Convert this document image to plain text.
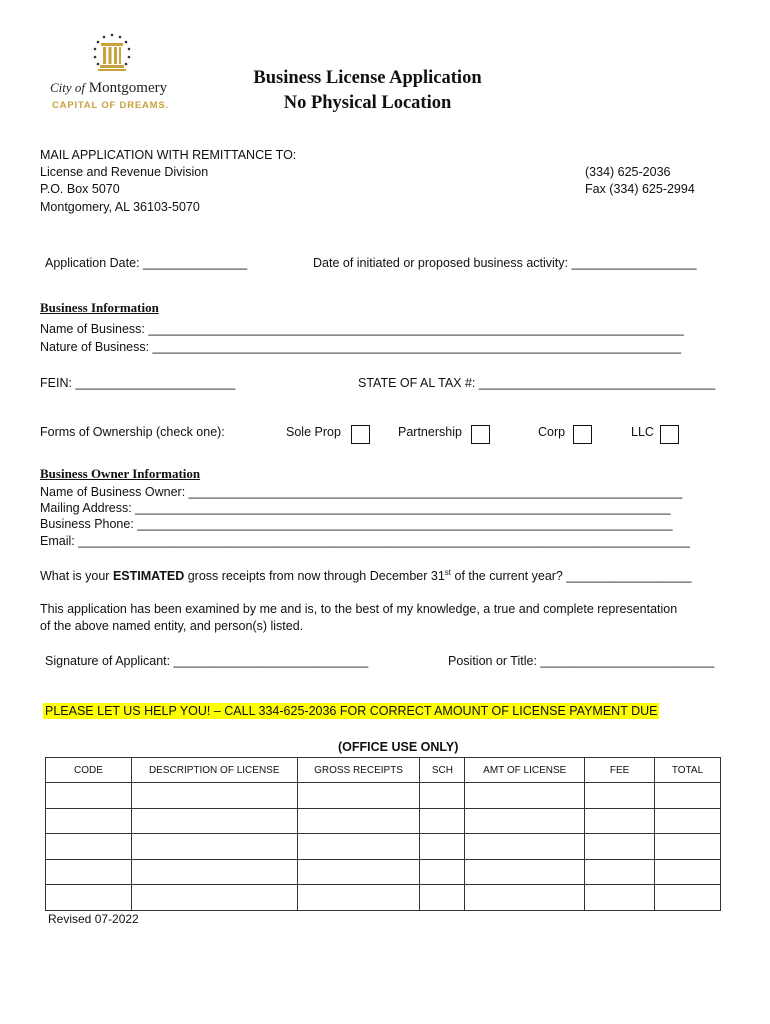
City of Montgomery
CAPITAL OF DREAMS.
Business License Application
No Physical Location
MAIL APPLICATION WITH REMITTANCE TO:
License and Revenue Division
P.O. Box 5070
Montgomery, AL 36103-5070
(334) 625-2036
Fax (334) 625-2994
Application Date: _______________	Date of initiated or proposed business activity: __________________
Business Information
Name of Business: _____________________________________________________________________________
Nature of Business: ____________________________________________________________________________
FEIN: _______________________	STATE OF AL TAX #: __________________________________
Forms of Ownership (check one):	Sole Prop	Partnership	Corp	LLC
Business Owner Information
Name of Business Owner: _______________________________________________________________________
Mailing Address: _____________________________________________________________________________
Business Phone: _____________________________________________________________________________
Email: ________________________________________________________________________________________
What is your ESTIMATED gross receipts from now through December 31st of the current year? __________________
This application has been examined by me and is, to the best of my knowledge, a true and complete representation
of the above named entity, and person(s) listed.
Signature of Applicant: ____________________________	Position or Title: _________________________
PLEASE LET US HELP YOU! – CALL 334-625-2036 FOR CORRECT AMOUNT OF LICENSE PAYMENT DUE
(OFFICE USE ONLY)
CODE	DESCRIPTION OF LICENSE	GROSS RECEIPTS	SCH	AMT OF LICENSE	FEE	TOTAL

Revised 07-2022
